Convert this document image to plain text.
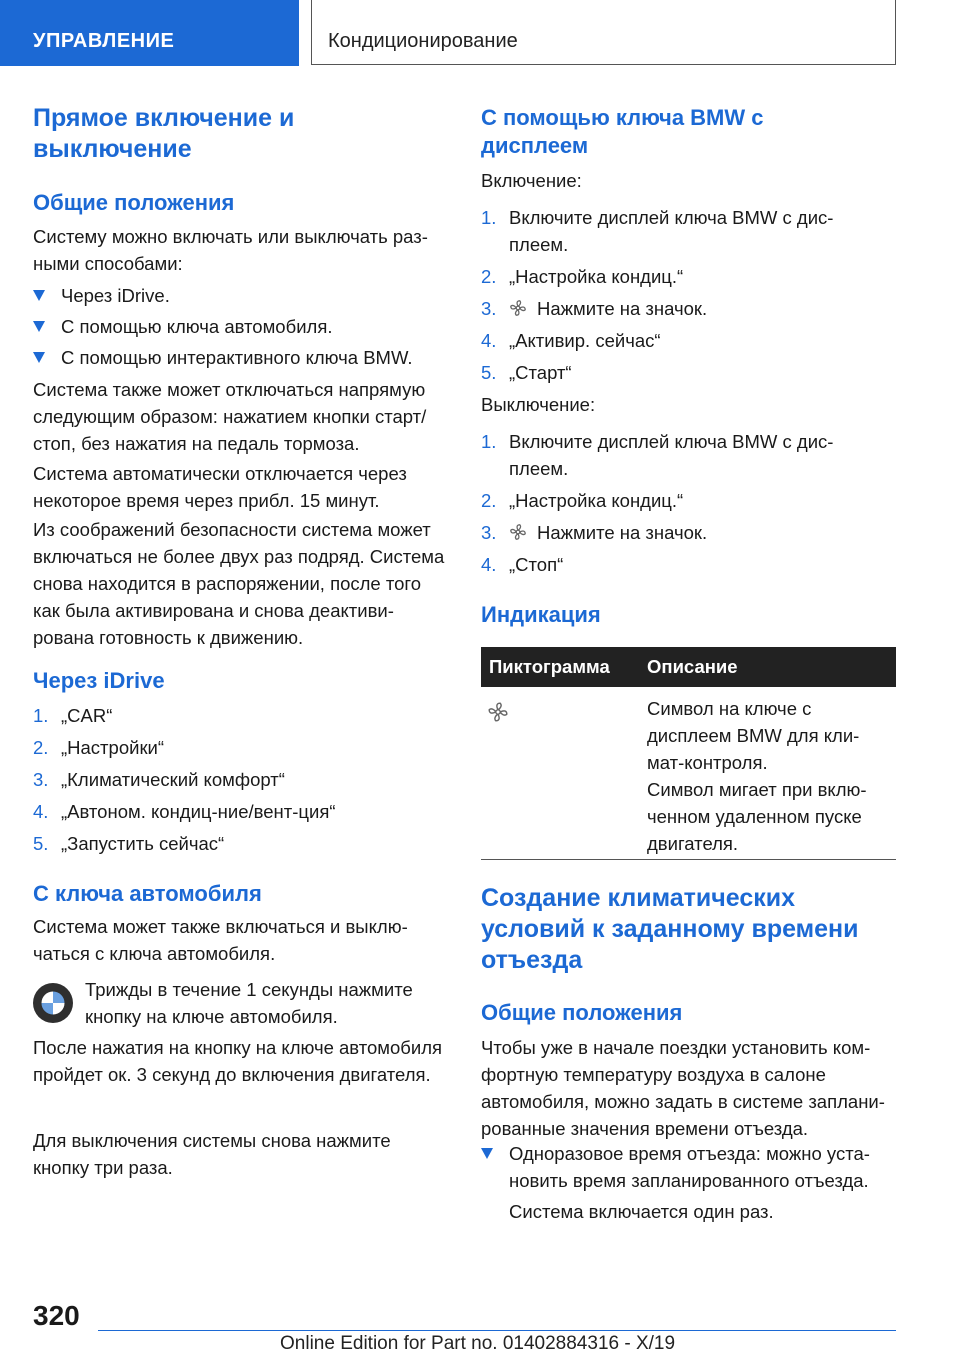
УПРАВЛЕНИЕ	Кондиционирование
Прямое включение и выключение
Общие положения

Систему можно включать или выключать разными способами:

Через iDrive.
С помощью ключа автомобиля.
С помощью интерактивного ключа BMW.

Система также может отключаться напрямую следующим образом: нажатием кнопки старт/стоп, без нажатия на педаль тормоза.

Система автоматически отключается через некоторое время через прибл. 15 минут.

Из соображений безопасности система может включаться не более двух раз подряд. Система снова находится в распоряжении, после того как была активирована и снова деактивирована готовность к движению.

Через iDrive
1. „CAR“
2. „Настройки“
3. „Климатический комфорт“
4. „Автоном. кондиц-ние/вент-ция“
5. „Запустить сейчас“
С ключа автомобиля

Система может также включаться и выключаться с ключа автомобиля.

Трижды в течение 1 секунды нажмите кнопку на ключе автомобиля.

После нажатия на кнопку на ключе автомобиля пройдет ок. 3 секунд до включения двигателя.

Для выключения системы снова нажмите кнопку три раза.

С помощью ключа BMW с дисплеем

Включение:

1. Включите дисплей ключа BMW с дисплеем.
2. „Настройка кондиц.“
3. Нажмите на значок.
4. „Активир. сейчас“
5. „Старт“

Выключение:

1. Включите дисплей ключа BMW с дисплеем.
2. „Настройка кондиц.“
3. Нажмите на значок.
4. „Стоп“
Индикация
Пиктограмма Описание

Символ на ключе с дисплеем BMW для климат-контроля.

Символ мигает при включенном удаленном пуске двигателя.

Создание климатических условий к заданному времени отъезда
Общие положения

Чтобы уже в начале поездки установить комфортную температуру воздуха в салоне автомобиля, можно задать в системе запланированные значения времени отъезда.

Одноразовое время отъезда: можно установить время запланированного отъезда.

Система включается один раз.

320
Online Edition for Part no. 01402884316 - X/19
